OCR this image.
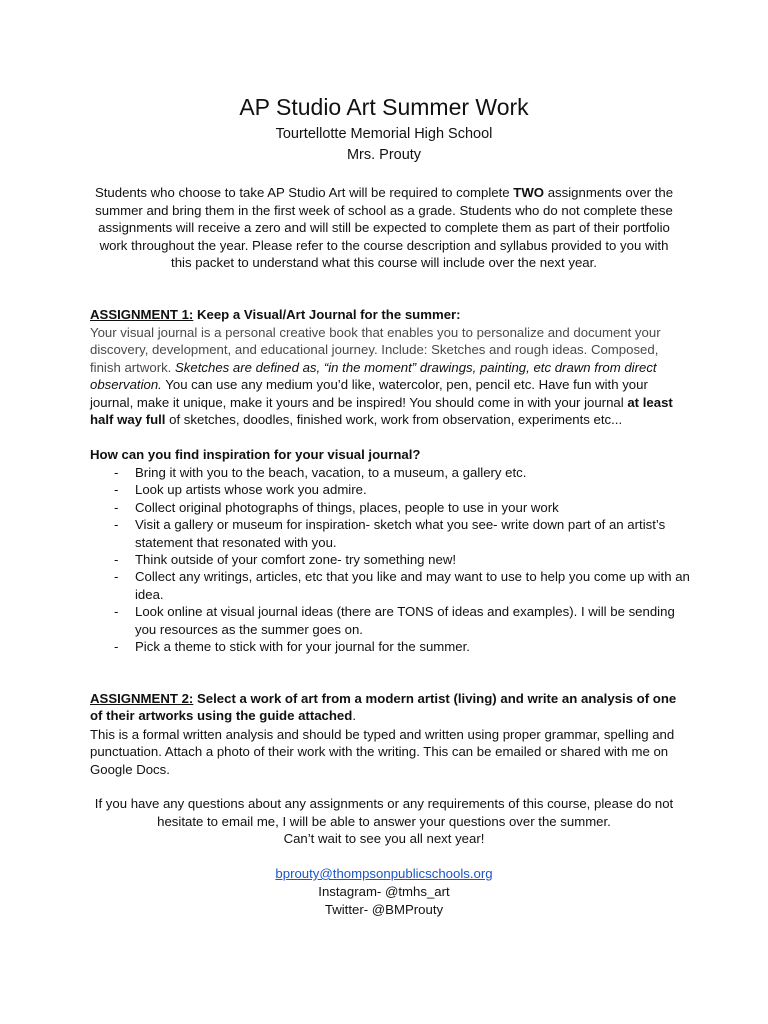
AP Studio Art Summer Work
Tourtellotte Memorial High School
Mrs. Prouty
Students who choose to take AP Studio Art will be required to complete TWO assignments over the summer and bring them in the first week of school as a grade. Students who do not complete these assignments will receive a zero and will still be expected to complete them as part of their portfolio work throughout the year. Please refer to the course description and syllabus provided to you with this packet to understand what this course will include over the next year.
ASSIGNMENT 1: Keep a Visual/Art Journal for the summer:
Your visual journal is a personal creative book that enables you to personalize and document your discovery, development, and educational journey. Include: Sketches and rough ideas. Composed, finish artwork. Sketches are defined as, “in the moment” drawings, painting, etc drawn from direct observation. You can use any medium you’d like, watercolor, pen, pencil etc. Have fun with your journal, make it unique, make it yours and be inspired! You should come in with your journal at least half way full of sketches, doodles, finished work, work from observation, experiments etc...
How can you find inspiration for your visual journal?
- Bring it with you to the beach, vacation, to a museum, a gallery etc.
- Look up artists whose work you admire.
- Collect original photographs of things, places, people to use in your work
- Visit a gallery or museum for inspiration- sketch what you see- write down part of an artist’s statement that resonated with you.
- Think outside of your comfort zone- try something new!
- Collect any writings, articles, etc that you like and may want to use to help you come up with an idea.
- Look online at visual journal ideas (there are TONS of ideas and examples). I will be sending you resources as the summer goes on.
- Pick a theme to stick with for your journal for the summer.
ASSIGNMENT 2: Select a work of art from a modern artist (living) and write an analysis of one of their artworks using the guide attached.
This is a formal written analysis and should be typed and written using proper grammar, spelling and punctuation. Attach a photo of their work with the writing. This can be emailed or shared with me on Google Docs.
If you have any questions about any assignments or any requirements of this course, please do not hesitate to email me, I will be able to answer your questions over the summer.
Can’t wait to see you all next year!
bprouty@thompsonpublicschools.org
Instagram- @tmhs_art
Twitter- @BMProuty
